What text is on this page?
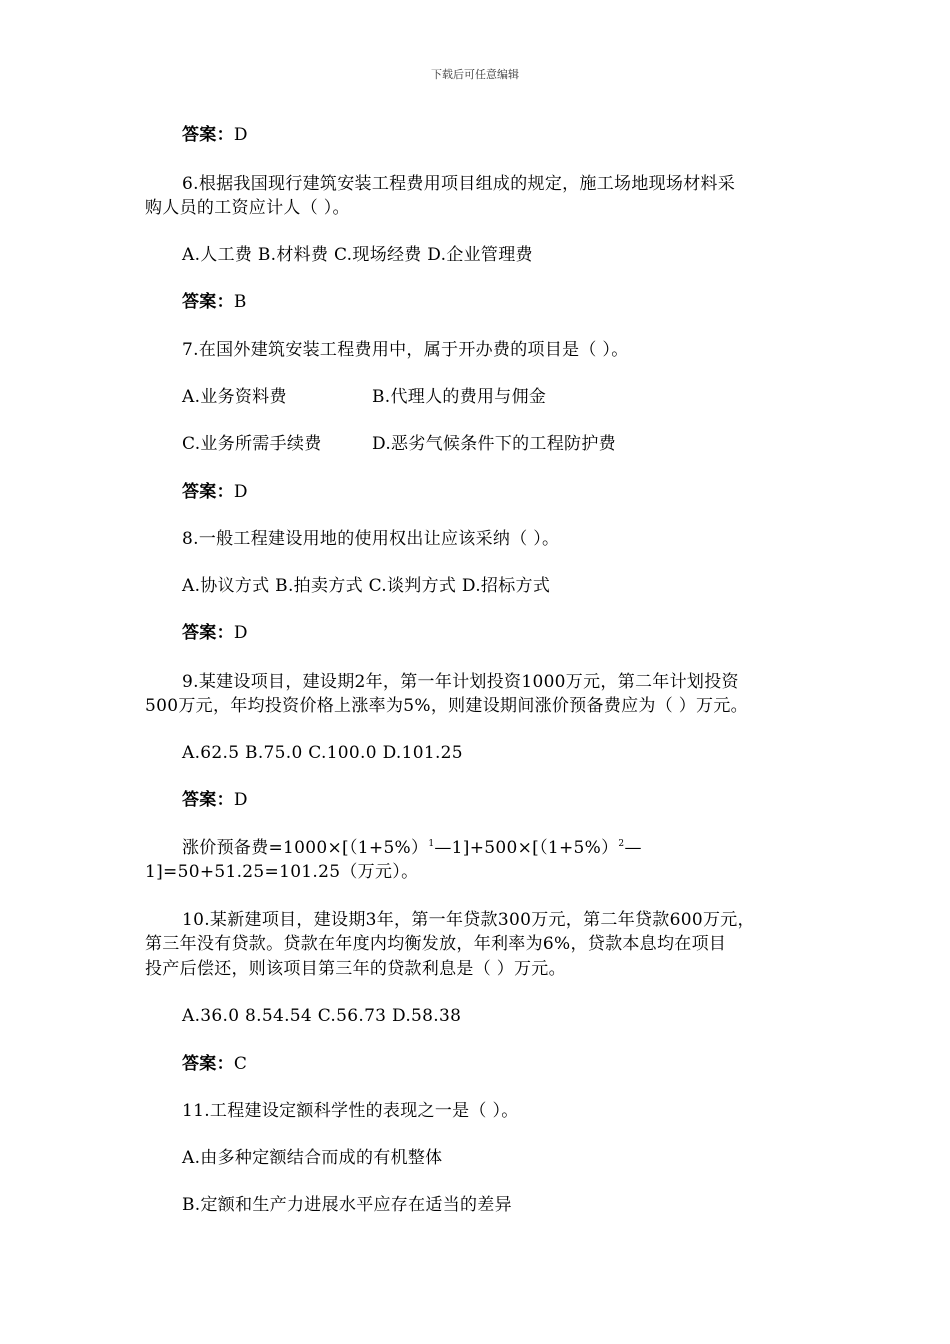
下载后可任意编辑
答案：D
6.根据我国现行建筑安装工程费用项目组成的规定，施工场地现场材料采
购人员的工资应计人（ ）。
A.人工费 B.材料费 C.现场经费 D.企业管理费
答案：B
7.在国外建筑安装工程费用中，属于开办费的项目是（ ）。
A.业务资料费	B.代理人的费用与佣金
C.业务所需手续费	D.恶劣气候条件下的工程防护费
答案：D
8.一般工程建设用地的使用权出让应该采纳（ ）。
A.协议方式 B.拍卖方式 C.谈判方式 D.招标方式
答案：D
9.某建设项目，建设期2年，第一年计划投资1000万元，第二年计划投资
500万元，年均投资价格上涨率为5%，则建设期间涨价预备费应为（ ）万元。
A.62.5 B.75.0 C.100.0 D.101.25
答案：D
涨价预备费$=1000\times[(1+5\%)^1—1]+500\times[(1+5\%)^2—$
1]=50+51.25=101.25（万元）。
10.某新建项目，建设期3年，第一年贷款300万元，第二年贷款600万元，
第三年没有贷款。贷款在年度内均衡发放，年利率为6%，贷款本息均在项目
投产后偿还，则该项目第三年的贷款利息是（ ）万元。
A.36.0 8.54.54 C.56.73 D.58.38
答案：C
11.工程建设定额科学性的表现之一是（ ）。
A.由多种定额结合而成的有机整体
B.定额和生产力进展水平应存在适当的差异
